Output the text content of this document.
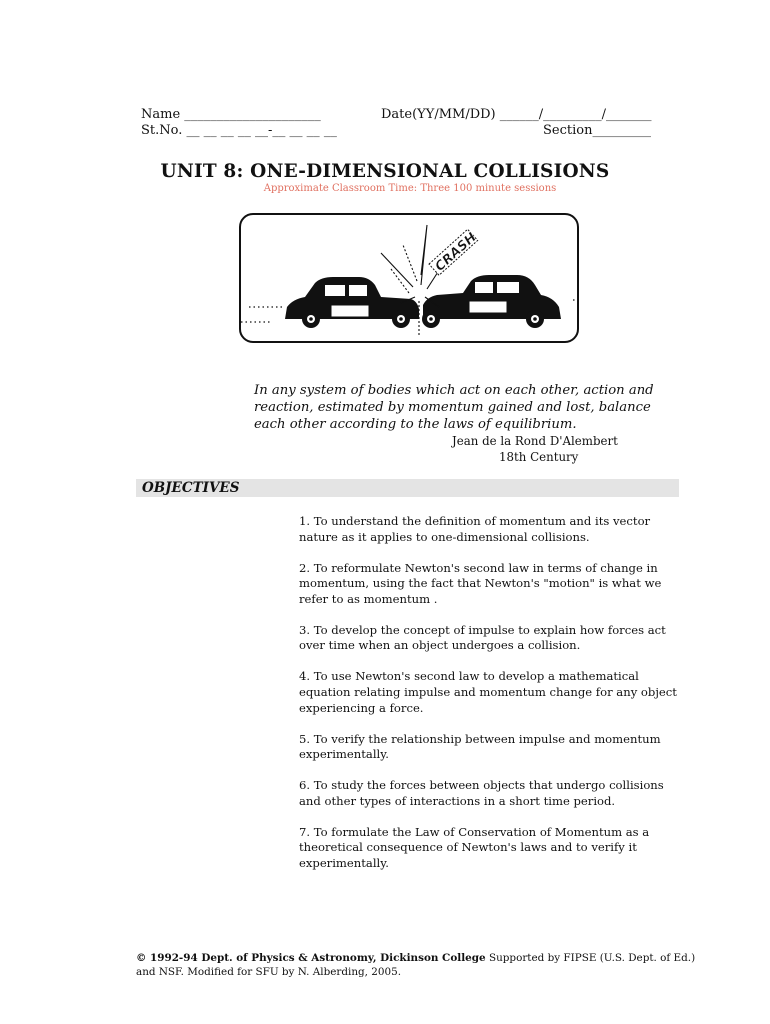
Name _____________________	Date(YY/MM/DD) ______/_________/_______
St.No. __ __ __ __ __-__ __ __ __	Section_________
UNIT 8: ONE-DIMENSIONAL COLLISIONS
Approximate Classroom Time: Three 100 minute sessions
CRASH
In any system of bodies which act on each other, action and reaction, estimated by momentum gained and lost, balance each other according to the laws of equilibrium.
Jean de la Rond D'Alembert
18th Century
OBJECTIVES
1. To understand the definition of momentum and its vector nature as it applies to one-dimensional collisions.
2. To reformulate Newton's second law in terms of change in momentum, using the fact that Newton's "motion" is what we refer to as momentum .
3. To develop the concept of impulse to explain how forces act over time when an object undergoes a collision.
4. To use Newton's second law to develop a mathematical equation relating impulse and momentum change for any object experiencing a force.
5. To verify the relationship between impulse and momentum experimentally.
6. To study the forces between objects that undergo collisions and other types of interactions in a short time period.
7. To formulate the Law of Conservation of Momentum as a theoretical consequence of Newton's laws and to verify it experimentally.
© 1992-94 Dept. of Physics & Astronomy, Dickinson College Supported by FIPSE (U.S. Dept. of Ed.) and NSF. Modified for SFU by N. Alberding, 2005.
